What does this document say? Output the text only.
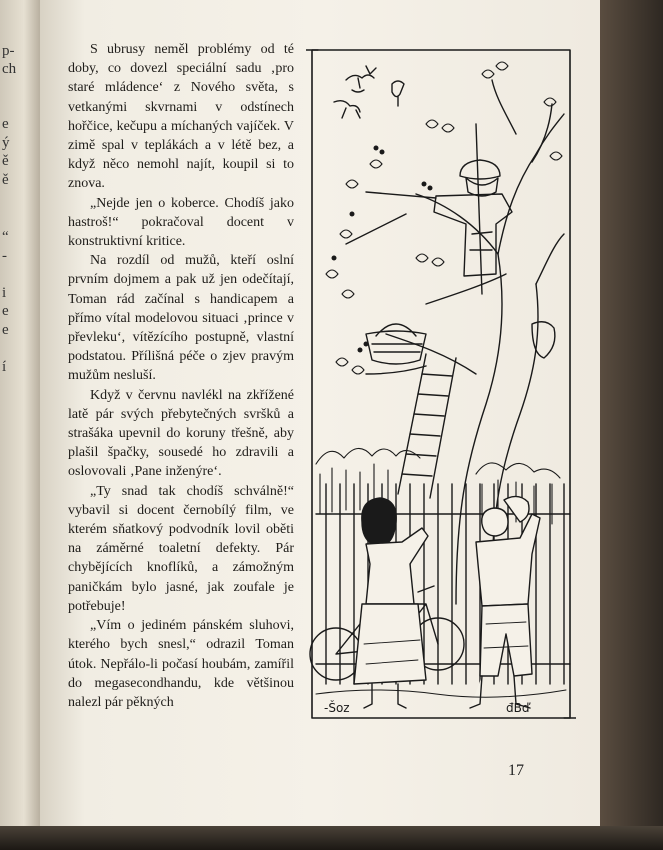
p-
ch
e
ý
ě
ě
“
-
i
e
e
í

S ubrusy neměl problémy od té doby, co dovezl speciální sadu ‚pro staré mládence‘ z Nového světa, s vetkanými skvrnami v odstínech hořčice, kečupu a míchaných vajíček. V zimě spal v teplákách a v létě bez, a když něco nemohl najít, koupil si to znova.

„Nejde jen o koberce. Chodíš jako hastroš!“ pokračoval docent v konstruktivní kritice.

Na rozdíl od mužů, kteří oslní prvním dojmem a pak už jen odečítají, Toman rád začínal s handicapem a přímo vítal modelovou situaci ‚prince v převleku‘, vítězícího postupně, vlastní podstatou. Přílišná péče o zjev pravým mužům nesluší.

Když v červnu navlékl na zkřížené latě pár svých přebytečných svršků a strašáka upevnil do koruny třešně, aby plašil špačky, sousedé ho zdravili a oslovovali ‚Pane inženýre‘.

„Ty snad tak chodíš schválně!“ vybavil si docent černobílý film, ve kterém sňatkový podvodník lovil oběti na záměrné toaletní defekty. Pár chybějících knoflíků, a zámožným paničkám bylo jasné, jak zoufale je potřebuje!

„Vím o jediném pánském sluhovi, kterého bych snesl,“ odrazil Toman útok. Nepřálo-li počasí houbám, zamířil do megasecondhandu, kde většinou nalezl pár pěkných	-Šoz	đBď
17
